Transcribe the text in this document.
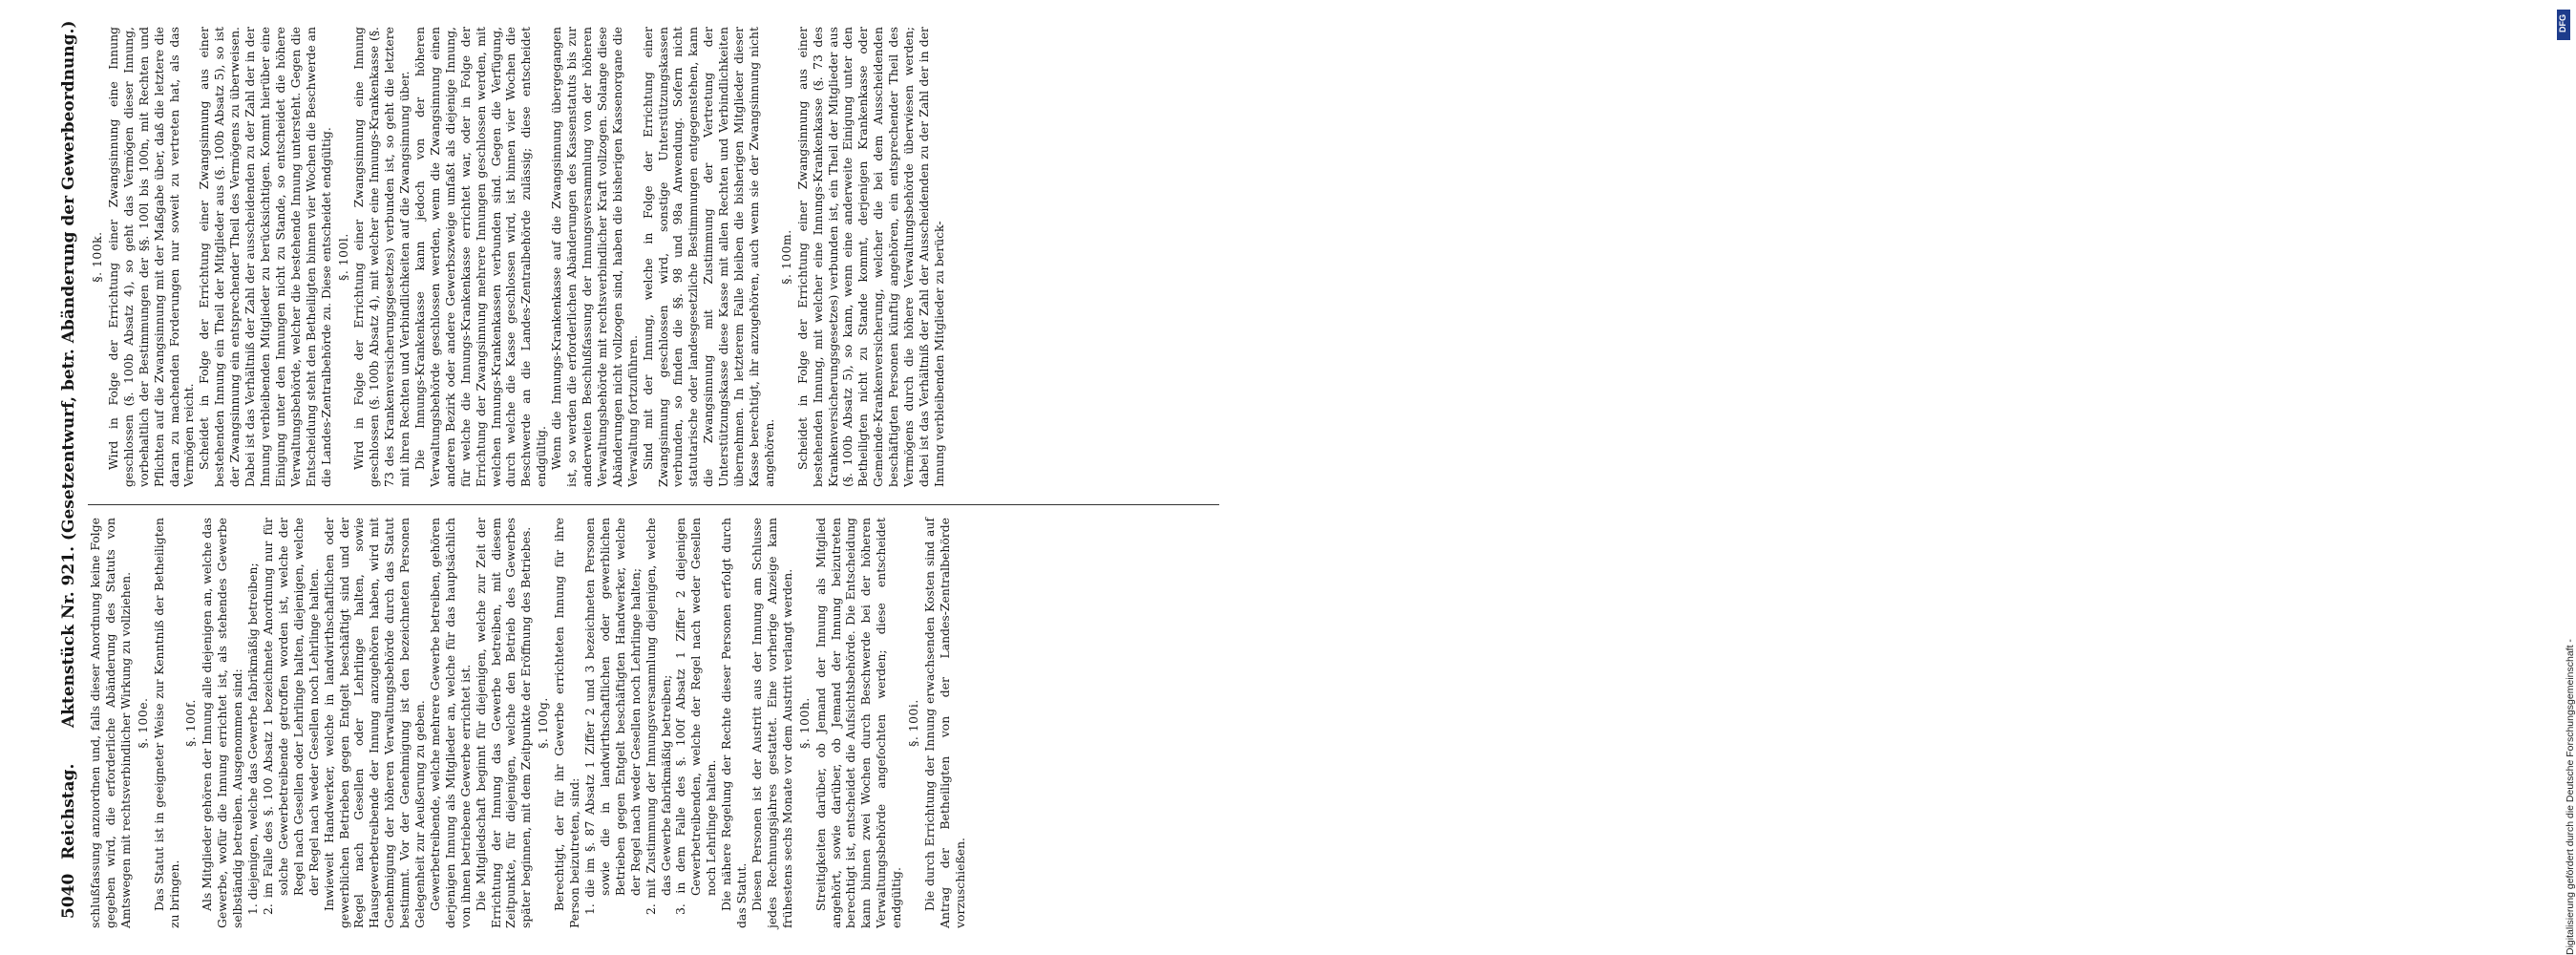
5040
Reichstag.
Aktenstück Nr. 921. (Gesetzentwurf, betr. Abänderung der Gewerbeordnung.) schlußfassung anzuordnen und, falls dieser Anordnung keine Folge gegeben wird, die erforderliche Abänderung des Statuts von Amtswegen mit rechtsverbindlicher Wirkung zu vollziehen. §. 100e. Das Statut ist in geeigneter Weise zur Kenntniß der Betheiligten zu bringen.

§. 100f. Als Mitglieder gehören der Innung alle diejenigen an, welche das Gewerbe, wofür die Innung errichtet ist, als stehendes Gewerbe selbständig betreiben. Ausgenommen sind: 1. diejenigen, welche das Gewerbe fabrikmäßig betreiben; 2. im Falle des §. 100 Absatz 1 bezeichnete Anordnung nur für solche Gewerbetreibende getroffen worden ist, welche der Regel nach Gesellen oder Lehrlinge halten, diejenigen, welche der Regel nach weder Gesellen noch Lehrlinge halten. Inwieweit Handwerker, welche in landwirthschaftlichen oder gewerblichen Betrieben gegen Entgelt beschäftigt sind und der Regel nach Gesellen oder Lehrlinge halten, sowie Hausgewerbetreibende der Innung anzugehören haben, wird mit Genehmigung der höheren Verwaltungsbehörde durch das Statut bestimmt. Vor der Genehmigung ist den bezeichneten Personen Gelegenheit zur Aeußerung zu geben. Gewerbetreibende, welche mehrere Gewerbe betreiben, gehören derjenigen Innung als Mitglieder an, welche für das hauptsächlich von ihnen betriebene Gewerbe errichtet ist. Die Mitgliedschaft beginnt für diejenigen, welche zur Zeit der Errichtung der Innung das Gewerbe betreiben, mit diesem Zeitpunkte, für diejenigen, welche den Betrieb des Gewerbes später beginnen, mit dem Zeitpunkte der Eröffnung des Betriebes. §. 100g. Berechtigt, der für ihr Gewerbe errichteten Innung für ihre Person beizutreten, sind: 1. die im §. 87 Absatz 1 Ziffer 2 und 3 bezeichneten Personen sowie die in landwirthschaftlichen oder gewerblichen Betrieben gegen Entgelt beschäftigten Handwerker, welche der Regel nach weder Gesellen noch Lehrlinge halten; 2. mit Zustimmung der Innungsversammlung diejenigen, welche das Gewerbe fabrikmäßig betreiben; 3. in dem Falle des §. 100f Absatz 1 Ziffer 2 diejenigen Gewerbetreibenden, welche der Regel nach weder Gesellen noch Lehrlinge halten. Die nähere Regelung der Rechte dieser Personen erfolgt durch das Statut. Diesen Personen ist der Austritt aus der Innung am Schlusse jedes Rechnungsjahres gestattet. Eine vorherige Anzeige kann frühestens sechs Monate vor dem Austritt verlangt werden. §. 100h. Streitigkeiten darüber, ob Jemand der Innung als Mitglied angehört, sowie darüber, ob Jemand der Innung beizutreten berechtigt ist, entscheidet die Aufsichtsbehörde. Die Entscheidung kann binnen zwei Wochen durch Beschwerde bei der höheren Verwaltungsbehörde angefochten werden; diese entscheidet endgültig.

§. 100i. Die durch Errichtung der Innung erwachsenden Kosten sind auf Antrag der Betheiligten von der Landes-Zentralbehörde vorzuschießen.

§. 100k. Wird in Folge der Errichtung einer Zwangsinnung eine Innung geschlossen (§. 100b Absatz 4), so geht das Vermögen dieser Innung, vorbehaltlich der Bestimmungen der §§. 100l bis 100n, mit Rechten und Pflichten auf die Zwangsinnung mit der Maßgabe über, daß die letztere die daran zu machenden Forderungen nur soweit zu vertreten hat, als das Vermögen reicht. Scheidet in Folge der Errichtung einer Zwangsinnung aus einer bestehenden Innung ein Theil der Mitglieder aus (§. 100b Absatz 5), so ist der Zwangsinnung ein entsprechender Theil des Vermögens zu überweisen. Dabei ist das Verhältniß der Zahl der ausscheidenden zu der Zahl der in der Innung verbleibenden Mitglieder zu berücksichtigen. Kommt hierüber eine Einigung unter den Innungen nicht zu Stande, so entscheidet die höhere Verwaltungsbehörde, welcher die bestehende Innung untersteht. Gegen die Entscheidung steht den Betheiligten binnen vier Wochen die Beschwerde an die Landes-Zentralbehörde zu. Diese entscheidet endgültig. §. 100l. Wird in Folge der Errichtung einer Zwangsinnung eine Innung geschlossen (§. 100b Absatz 4), mit welcher eine Innungs-Krankenkasse (§. 73 des Krankenversicherungsgesetzes) verbunden ist, so geht die letztere mit ihren Rechten und Verbindlichkeiten auf die Zwangsinnung über. Die Innungs-Krankenkasse kann jedoch von der höheren Verwaltungsbehörde geschlossen werden, wenn die Zwangsinnung einen anderen Bezirk oder andere Gewerbszweige umfaßt als diejenige Innung, für welche die Innungs-Krankenkasse errichtet war, oder in Folge der Errichtung der Zwangsinnung mehrere Innungen geschlossen werden, mit welchen Innungs-Krankenkassen verbunden sind. Gegen die Verfügung, durch welche die Kasse geschlossen wird, ist binnen vier Wochen die Beschwerde an die Landes-Zentralbehörde zulässig; diese entscheidet endgültig. Wenn die Innungs-Krankenkasse auf die Zwangsinnung übergegangen ist, so werden die erforderlichen Abänderungen des Kassenstatuts bis zur anderweiten Beschlußfassung der Innungsversammlung von der höheren Verwaltungsbehörde mit rechtsverbindlicher Kraft vollzogen. Solange diese Abänderungen nicht vollzogen sind, haben die bisherigen Kassenorgane die Verwaltung fortzuführen. Sind mit der Innung, welche in Folge der Errichtung einer Zwangsinnung geschlossen wird, sonstige Unterstützungskassen verbunden, so finden die §§. 98 und 98a Anwendung. Sofern nicht statutarische oder landesgesetzliche Bestimmungen entgegenstehen, kann die Zwangsinnung mit Zustimmung der Vertretung der Unterstützungskasse diese Kasse mit allen Rechten und Verbindlichkeiten übernehmen. In letzterem Falle bleiben die bisherigen Mitglieder dieser Kasse berechtigt, ihr anzugehören, auch wenn sie der Zwangsinnung nicht angehören.

§. 100m. Scheidet in Folge der Errichtung einer Zwangsinnung aus einer bestehenden Innung, mit welcher eine Innungs-Krankenkasse (§. 73 des Krankenversicherungsgesetzes) verbunden ist, ein Theil der Mitglieder aus (§. 100b Absatz 5), so kann, wenn eine anderweite Einigung unter den Betheiligten nicht zu Stande kommt, derjenigen Krankenkasse oder Gemeinde-Krankenversicherung, welcher die bei dem Ausscheidenden beschäftigten Personen künftig angehören, ein entsprechender Theil des Vermögens durch die höhere Verwaltungsbehörde überwiesen werden; dabei ist das Verhältniß der Zahl der Ausscheidenden zu der Zahl der in der Innung verbleibenden Mitglieder zu berück-

DFG
Digitalisierung gefördert durch die Deutsche Forschungsgemeinschaft -
